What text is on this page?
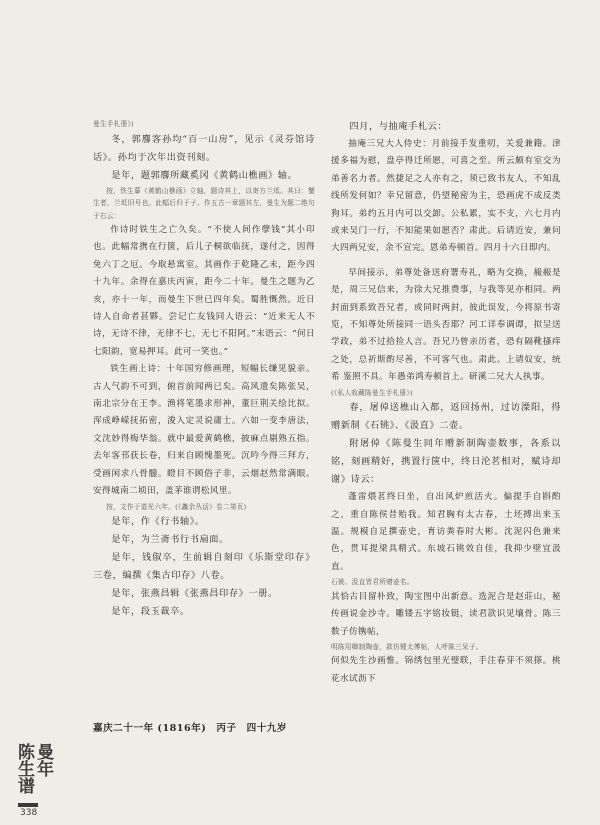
曼生手札册》)

冬，郭麐客孙均“百一山房”，见示《灵芬馆诗话》。孙均于次年出资刊刻。

是年，题郭麐所藏奚冈《黄鹤山樵画》轴。

按，铁生摹《黄鹤山樵画》立轴，题诗其上，以寄方兰坻。其曰：蟹生者，兰坻旧号也。此幅后归于子。作五古一章题其左，曼生为题二绝句于右云：

作诗时铁生之亡久矣。“不使人间作孽钱”其小印也。此幅常携在行箧，后儿子桐欲临抚，遂付之，因得免六丁之厄。今取悬寓室。其画作于乾隆乙未，距今四十九年。余得在嘉庆丙寅，距今二十年。曼生之题为乙亥，亦十一年，而曼生下世已四年矣。蜀胜慨然。近日诗人自命者甚夥。尝记亡友钱同人语云：“近来无人不诗，无诗不律，无律不七，无七不阳阿。”末语云：“何日七阳韵，宽易押耳。此可一笑也。”

铁生画上诗：十年国穷修画理，短幅长缣见貌亲。古人气韵不可到，俯首前闻两已矣。高风遗矣陈张吴，南北宗分在王李。渔将笔墨求形神，董巨荆关绘比拟。浑成峥嵘抚拓密，浚入定灵说庸士。六如一变李唐法，文沈妙得梅华翁。就中最爱黄鹤樵，披麻点剔熟五指。去年客邗获长卷，归来自顾愧墨死。沉吟今得三拜方，受画闲求八骨髓。瞪目不顾俗子非，云烟赵然常满眼。安得城南二顷田，盖茅谁谓松风里。

按，文作于道光六年。(《蠡余丛话》卷二第页)

是年，作《行书轴》。

是年，为兰斋书行书扇面。

是年，钱俶卒，生前辑自刻印《乐斯堂印存》三卷，编撰《集古印存》八卷。

是年，张燕昌辑《张燕昌印存》一册。

是年，段玉裁卒。

四月，与抽庵手札云：

抽庵三兄大人侍史：月前接手发重叨，关爱兼籍。津援多福为慰，盘亭得迁所愿，可喜之至。所云颇有室交为弟善名力者。然捷足之人亦有之，须已致书友人，不知乱线所发何如？幸兄留意，仍望秘密为主，恐画虎不成反类狗耳。弟约五月内可以交卸。公私累，实不支，六七月内或来吴门一行，不知能果如愿否？肃此。后请近安，兼问大四两兄安，余不宣完。恩弟寿顿首。四月十六日即内。

早间接示，弟尊处备送府署寿礼，略为交换，赧赧是是，周三兄信来，为徐大兄推费事，与我等见亦相同。两封面到系致吾兄者，或同时两封，彼此误发，今将原书寄览，不知尊处所接同一语头否耶？河工详奉调谭，拟呈送学政，弟不过拾捡人言。吾兄乃曾亲历者，恐有隔靴搔痒之处，总祈斯酌尽善，不可客气也。肃此。上请奴安，统希 鉴照不具。年愚弟鸿寿顿首上。研溪二兄大人执事。

(《私人收藏陈曼生手札册》)

春，屠倬送樵山入都，返回扬州，过访溧阳，得赠新制《石铫》、《汲直》二壶。

附屠倬《陈曼生同年赠新制陶壶数事，各系以铭，刻画精好，携置行箧中，终日沦茗相对，赋诗却谢》诗云：

蓬雷煨茗终日坐，自出风炉煎活火。偏提手自斟酌之，重自陈侯昔贻我。知君胸有太古春，土坯搏出来玉温。规模自足撰壶史，育访粪春时大彬。沈泥闪色兼来色，贯耳提梁具精式。东坡石铫效自佳，我抑少壁宜汲直。

石铫、汲直皆君所赠壶名。

其恰古目留朴致，陶宝图中出新意。选泥合是赵莊山，秘传画说金沙寺。雕镂五字铭妆铤，读君款识见壤骨。陈三数子仿镌帖，

明陈用卿制陶壶，款仿锺太傅帖，人呼陈三呆子。

何似先生沙画惟。锦绣包里光璧联，手注春芽不须搽。桃花水试沥下

嘉庆二十一年 (1816年)　丙子　四十九岁
陈曼生年谱
338
